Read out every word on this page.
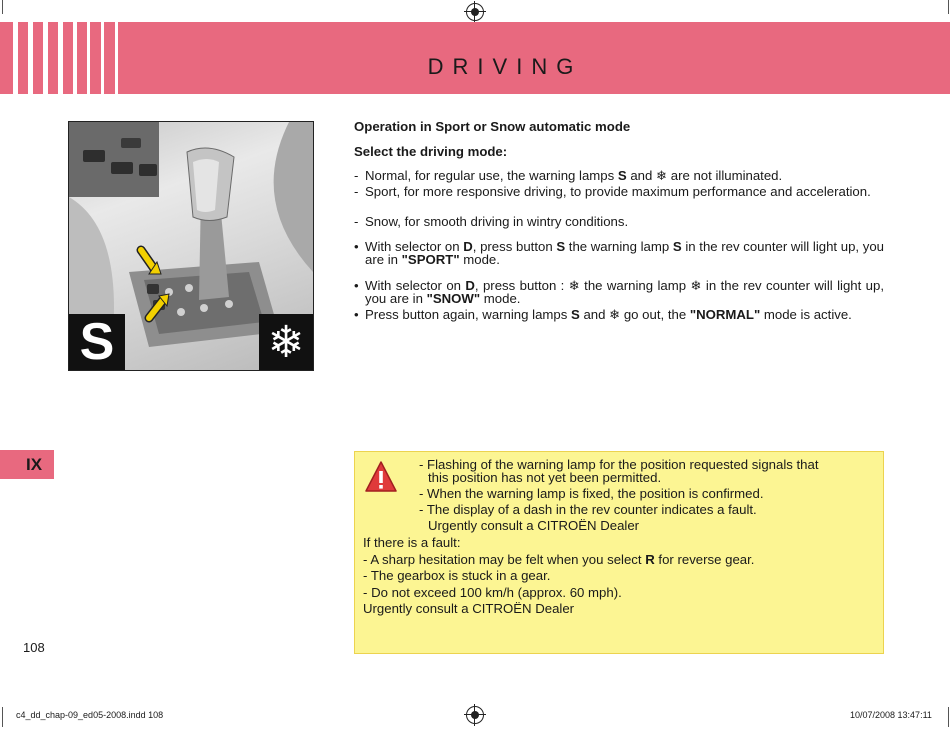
DRIVING
S	❄
Operation in Sport or Snow automatic mode
Select the driving mode:
- Normal, for regular use, the warning lamps S and ❄ are not illuminated.
- Sport, for more responsive driving, to provide maximum performance and acceleration.
- Snow, for smooth driving in wintry conditions.
• With selector on D, press button S the warning lamp S in the rev counter will light up, you are in "SPORT" mode.
• With selector on D, press button : ❄ the warning lamp ❄ in the rev counter will light up, you are in "SNOW" mode.
• Press button again, warning lamps S and ❄ go out, the "NORMAL" mode is active.
IX
108
- Flashing of the warning lamp for the position requested signals that
this position has not yet been permitted.
- When the warning lamp is fixed, the position is confirmed.
- The display of a dash in the rev counter indicates a fault.
Urgently consult a CITROËN Dealer
If there is a fault:
- A sharp hesitation may be felt when you select R for reverse gear.
- The gearbox is stuck in a gear.
- Do not exceed 100 km/h (approx. 60 mph).
Urgently consult a CITROËN Dealer
c4_dd_chap-09_ed05-2008.indd 108	10/07/2008 13:47:11
